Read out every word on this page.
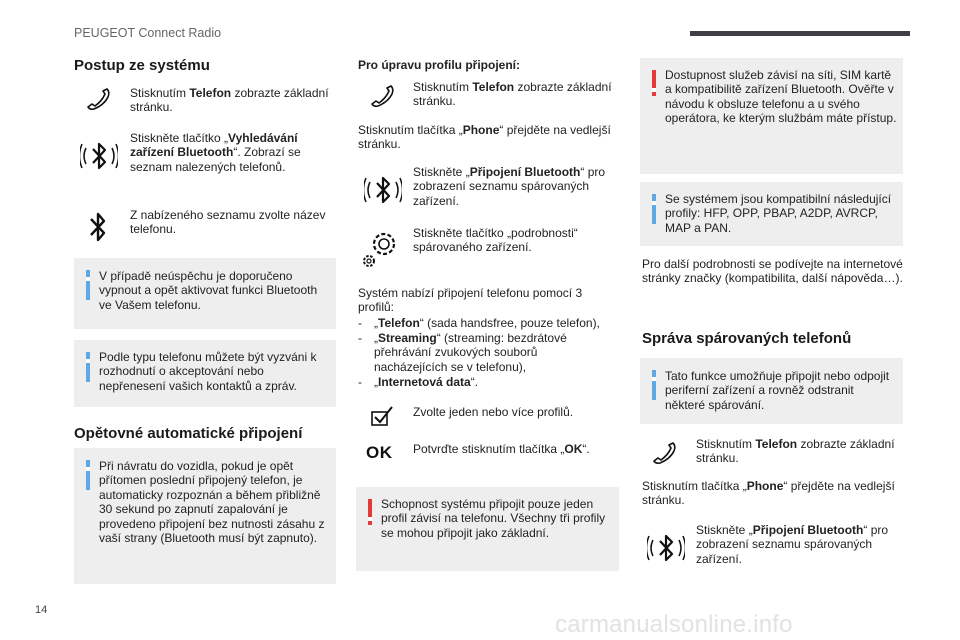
PEUGEOT Connect Radio
14
carmanualsonline.info
Postup ze systému
Stisknutím Telefon zobrazte základní stránku.
Stiskněte tlačítko „Vyhledávání zařízení Bluetooth“. Zobrazí se seznam nalezených telefonů.
Z nabízeného seznamu zvolte název telefonu.
V případě neúspěchu je doporučeno vypnout a opět aktivovat funkci Bluetooth ve Vašem telefonu.
Podle typu telefonu můžete být vyzváni k rozhodnutí o akceptování nebo nepřenesení vašich kontaktů a zpráv.
Opětovné automatické připojení
Při návratu do vozidla, pokud je opět přítomen poslední připojený telefon, je automaticky rozpoznán a během přibližně 30 sekund po zapnutí zapalování je provedeno připojení bez nutnosti zásahu z vaší strany (Bluetooth musí být zapnuto).
Pro úpravu profilu připojení:
Stisknutím Telefon zobrazte základní stránku.
Stisknutím tlačítka „Phone“ přejděte na vedlejší stránku.
Stiskněte „Připojení Bluetooth“ pro zobrazení seznamu spárovaných zařízení.
Stiskněte tlačítko „podrobnosti“ spárovaného zařízení.
Systém nabízí připojení telefonu pomocí 3 profilů:
-	„Telefon“ (sada handsfree, pouze telefon),
-	„Streaming“ (streaming: bezdrátové přehrávání zvukových souborů nacházejících se v telefonu),
-	„Internetová data“.
Zvolte jeden nebo více profilů.
OK Potvrďte stisknutím tlačítka „OK“.
Schopnost systému připojit pouze jeden profil závisí na telefonu. Všechny tři profily se mohou připojit jako základní.
Dostupnost služeb závisí na síti, SIM kartě a kompatibilitě zařízení Bluetooth. Ověřte v návodu k obsluze telefonu a u svého operátora, ke kterým službám máte přístup.
Se systémem jsou kompatibilní následující profily: HFP, OPP, PBAP, A2DP, AVRCP, MAP a PAN.
Pro další podrobnosti se podívejte na internetové stránky značky (kompatibilita, další nápověda…).
Správa spárovaných telefonů
Tato funkce umožňuje připojit nebo odpojit periferní zařízení a rovněž odstranit některé spárování.
Stisknutím Telefon zobrazte základní stránku.
Stisknutím tlačítka „Phone“ přejděte na vedlejší stránku.
Stiskněte „Připojení Bluetooth“ pro zobrazení seznamu spárovaných zařízení.
